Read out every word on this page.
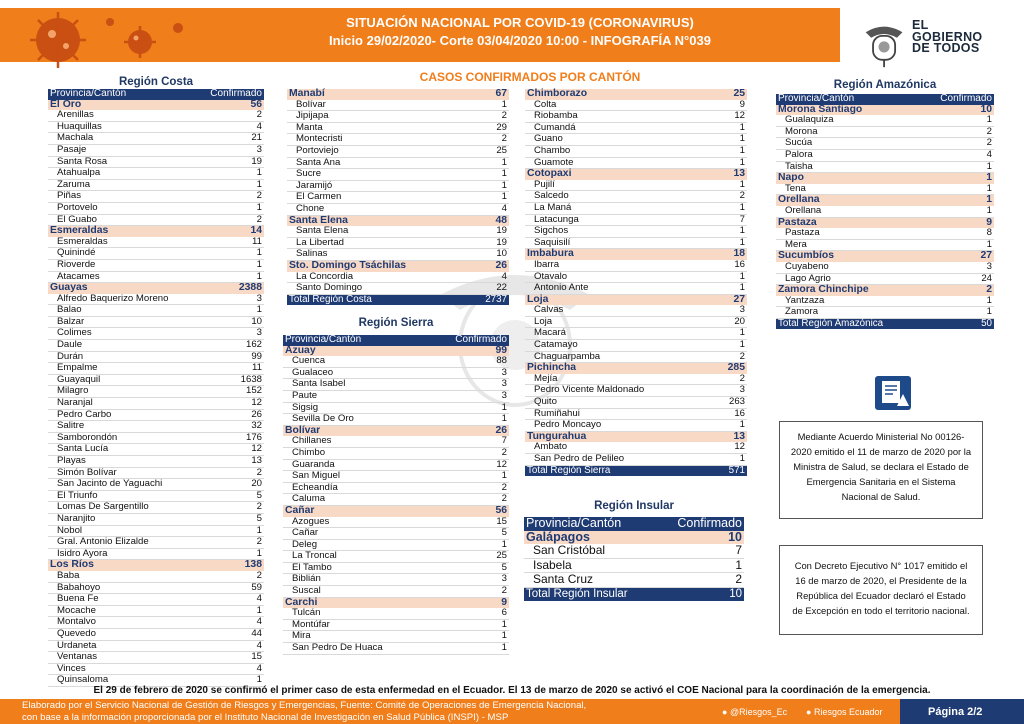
SITUACIÓN NACIONAL POR COVID-19 (CORONAVIRUS)
Inicio 29/02/2020- Corte 03/04/2020 10:00 - INFOGRAFÍA N°039
EL
GOBIERNO
DE TODOS
CASOS CONFIRMADOS POR CANTÓN
Región Costa
Provincia/Cantón	Confirmado
El Oro	56
Arenillas	2
Huaquillas	4
Machala	21
Pasaje	3
Santa Rosa	19
Atahualpa	1
Zaruma	1
Piñas	2
Portovelo	1
El Guabo	2
Esmeraldas	14
Esmeraldas	11
Quinindé	1
Rioverde	1
Atacames	1
Guayas	2388
Alfredo Baquerizo Moreno	3
Balao	1
Balzar	10
Colimes	3
Daule	162
Durán	99
Empalme	11
Guayaquil	1638
Milagro	152
Naranjal	12
Pedro Carbo	26
Salitre	32
Samborondón	176
Santa Lucía	12
Playas	13
Simón Bolívar	2
San Jacinto de Yaguachi	20
El Triunfo	5
Lomas De Sargentillo	2
Naranjito	5
Nobol	1
Gral. Antonio Elizalde	2
Isidro Ayora	1
Los Ríos	138
Baba	2
Babahoyo	59
Buena Fe	4
Mocache	1
Montalvo	4
Quevedo	44
Urdaneta	4
Ventanas	15
Vinces	4
Quinsaloma	1
Manabí	67
Bolívar	1
Jipijapa	2
Manta	29
Montecristi	2
Portoviejo	25
Santa Ana	1
Sucre	1
Jaramijó	1
El Carmen	1
Chone	4
Santa Elena	48
Santa Elena	19
La Libertad	19
Salinas	10
Sto. Domingo Tsáchilas	26
La Concordia	4
Santo Domingo	22
Total Región Costa	2737
Región Sierra
Provincia/Cantón	Confirmado
Azuay	99
Cuenca	88
Gualaceo	3
Santa Isabel	3
Paute	3
Sigsig	1
Sevilla De Oro	1
Bolívar	26
Chillanes	7
Chimbo	2
Guaranda	12
San Miguel	1
Echeandía	2
Caluma	2
Cañar	56
Azogues	15
Cañar	5
Deleg	1
La Troncal	25
El Tambo	5
Biblián	3
Suscal	2
Carchi	9
Tulcán	6
Montúfar	1
Mira	1
San Pedro De Huaca	1
Chimborazo	25
Colta	9
Riobamba	12
Cumandá	1
Guano	1
Chambo	1
Guamote	1
Cotopaxi	13
Pujilí	1
Salcedo	2
La Maná	1
Latacunga	7
Sigchos	1
Saquisilí	1
Imbabura	18
Ibarra	16
Otavalo	1
Antonio Ante	1
Loja	27
Calvas	3
Loja	20
Macará	1
Catamayo	1
Chaguarpamba	2
Pichincha	285
Mejía	2
Pedro Vicente Maldonado	3
Quito	263
Rumiñahui	16
Pedro Moncayo	1
Tungurahua	13
Ambato	12
San Pedro de Pelileo	1
Total Región Sierra	571
Región Insular
Provincia/Cantón	Confirmado
Galápagos	10
San Cristóbal	7
Isabela	1
Santa Cruz	2
Total Región Insular	10
Región Amazónica
Provincia/Cantón	Confirmado
Morona Santiago	10
Gualaquiza	1
Morona	2
Sucúa	2
Palora	4
Taisha	1
Napo	1
Tena	1
Orellana	1
Orellana	1
Pastaza	9
Pastaza	8
Mera	1
Sucumbíos	27
Cuyabeno	3
Lago Agrio	24
Zamora Chinchipe	2
Yantzaza	1
Zamora	1
Total Región Amazónica	50
Mediante Acuerdo Ministerial No 00126-2020 emitido el 11 de marzo de 2020 por la Ministra de Salud, se declara el Estado de Emergencia Sanitaria en el Sistema Nacional de Salud.
Con Decreto Ejecutivo N° 1017 emitido el 16 de marzo de 2020, el Presidente de la República del Ecuador declaró el Estado de Excepción en todo el territorio nacional.
El 29 de febrero de 2020 se confirmó el primer caso de esta enfermedad en el Ecuador. El 13 de marzo de 2020 se activó el COE Nacional para la coordinación de la emergencia.
Elaborado por el Servicio Nacional de Gestión de Riesgos y Emergencias, Fuente: Comité de Operaciones de Emergencia Nacional,
con base a la información proporcionada por el Instituto Nacional de Investigación en Salud Pública (INSPI) - MSP	● @Riesgos_Ec ● Riesgos Ecuador	Página 2/2
